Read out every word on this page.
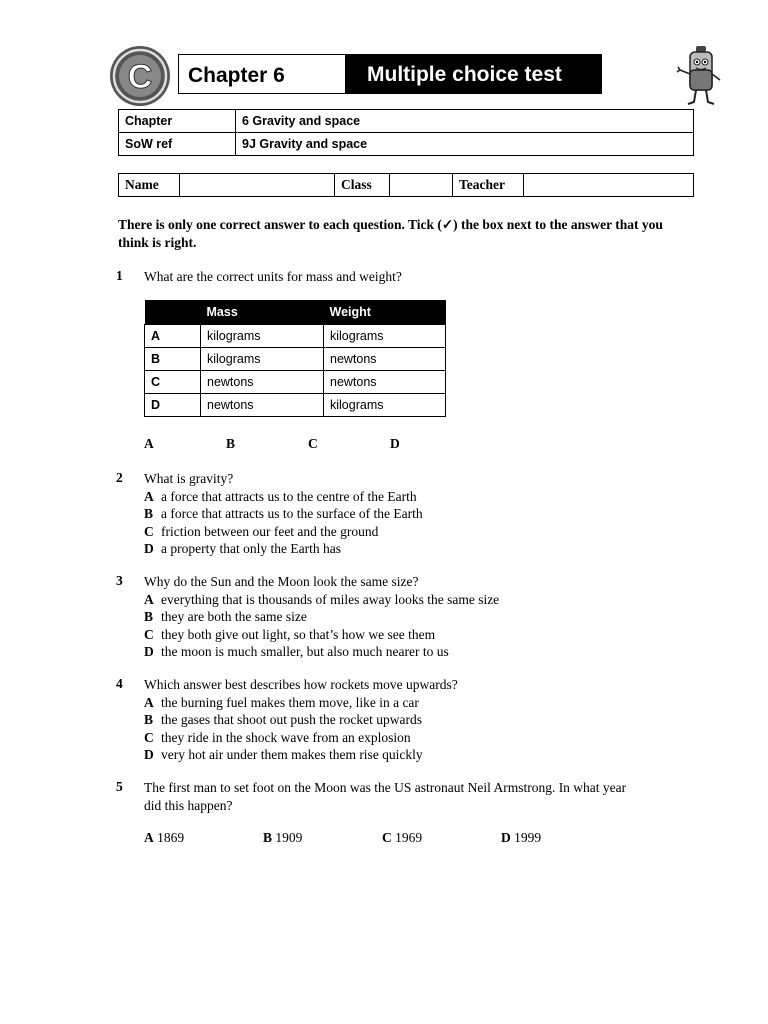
C	Chapter 6	Multiple choice test
Chapter	6 Gravity and space
SoW ref	9J Gravity and space
Name		Class		Teacher	
There is only one correct answer to each question. Tick (✓) the box next to the answer that you think is right.
1 What are the correct units for mass and weight?
	Mass	Weight
A	kilograms	kilograms
B	kilograms	newtons
C	newtons	newtons
D	newtons	kilograms
A	B	C	D
2 What is gravity?
A a force that attracts us to the centre of the Earth
B a force that attracts us to the surface of the Earth
C friction between our feet and the ground
D a property that only the Earth has
3 Why do the Sun and the Moon look the same size?
A everything that is thousands of miles away looks the same size
B they are both the same size
C they both give out light, so that’s how we see them
D the moon is much smaller, but also much nearer to us
4 Which answer best describes how rockets move upwards?
A the burning fuel makes them move, like in a car
B the gases that shoot out push the rocket upwards
C they ride in the shock wave from an explosion
D very hot air under them makes them rise quickly
5 The first man to set foot on the Moon was the US astronaut Neil Armstrong. In what year
did this happen?
A 1869	B 1909	C 1969	D 1999
